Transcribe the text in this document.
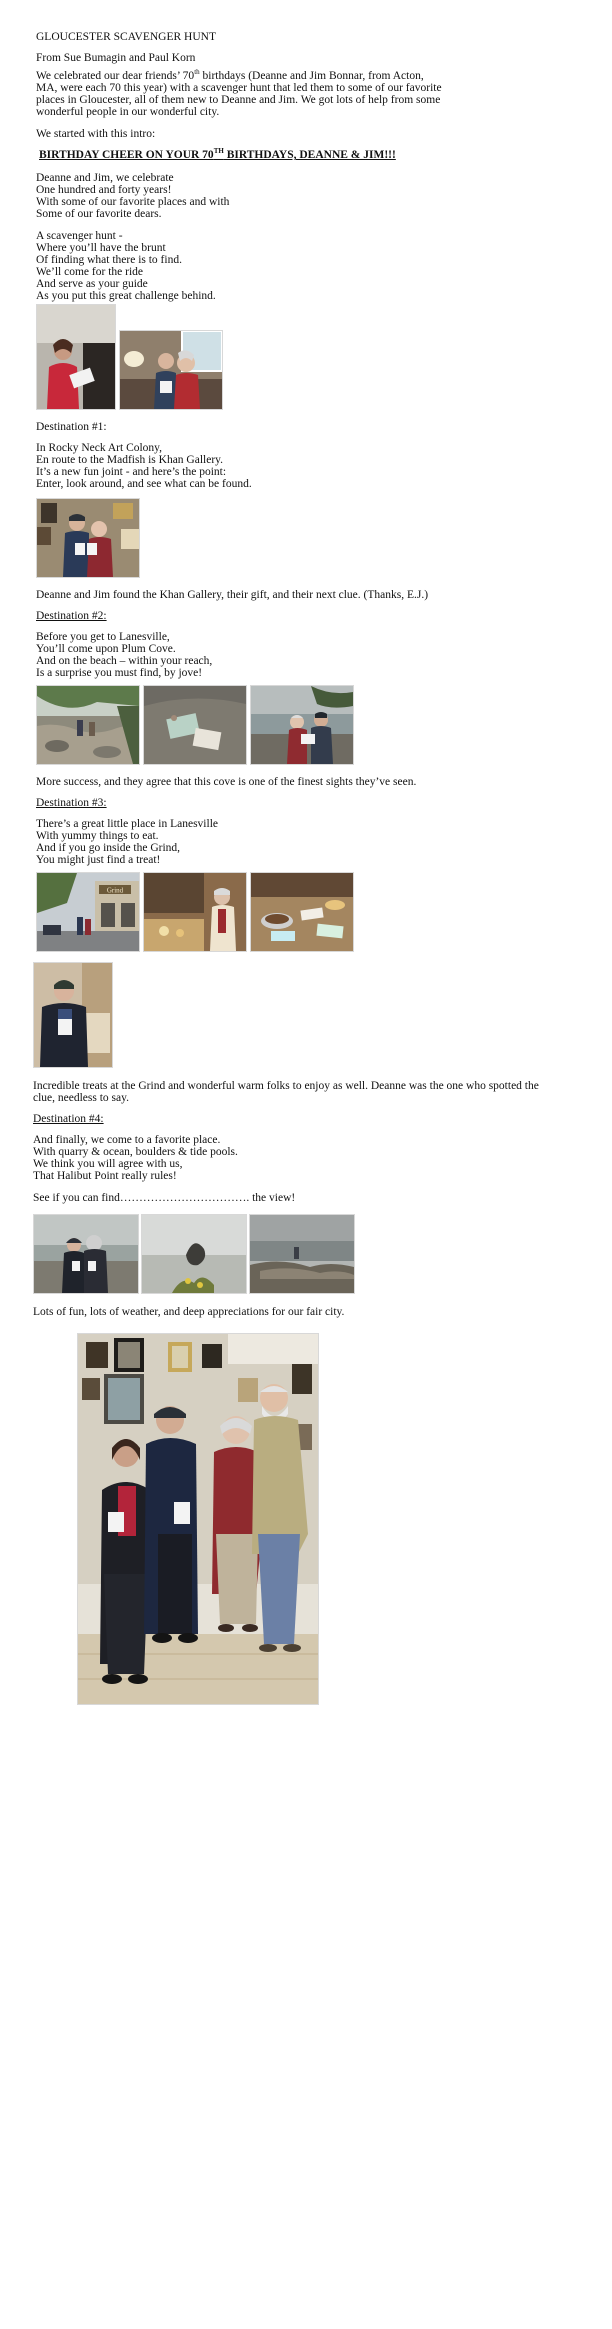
GLOUCESTER SCAVENGER HUNT
From Sue Bumagin and Paul Korn
We celebrated our dear friends’ 70th birthdays (Deanne and Jim Bonnar, from Acton,
MA, were each 70 this year) with a scavenger hunt that led them to some of our favorite
places in Gloucester, all of them new to Deanne and Jim. We got lots of help from some
wonderful people in our wonderful city.
We started with this intro:
BIRTHDAY CHEER ON YOUR 70TH BIRTHDAYS, DEANNE & JIM!!!
Deanne and Jim, we celebrate
One hundred and forty years!
With some of our favorite places and with
Some of our favorite dears.
A scavenger hunt -
Where you’ll have the brunt
Of finding what there is to find.
We’ll come for the ride
And serve as your guide
As you put this great challenge behind.
Destination #1:
In Rocky Neck Art Colony,
En route to the Madfish is Khan Gallery.
It’s a new fun joint - and here’s the point:
Enter, look around, and see what can be found.
Deanne and Jim found the Khan Gallery, their gift, and their next clue. (Thanks, E.J.)
Destination #2:
Before you get to Lanesville,
You’ll come upon Plum Cove.
And on the beach – within your reach,
Is a surprise you must find, by jove!
More success, and they agree that this cove is one of the finest sights they’ve seen.
Destination #3:
There’s a great little place in Lanesville
With yummy things to eat.
And if you go inside the Grind,
You might just find a treat!
Grind
Incredible treats at the Grind and wonderful warm folks to enjoy as well. Deanne was the one who spotted the
clue, needless to say.
Destination #4:
And finally, we come to a favorite place.
With quarry & ocean, boulders & tide pools.
We think you will agree with us,
That Halibut Point really rules!
See if you can find……………………………. the view!
Lots of fun, lots of weather, and deep appreciations for our fair city.
